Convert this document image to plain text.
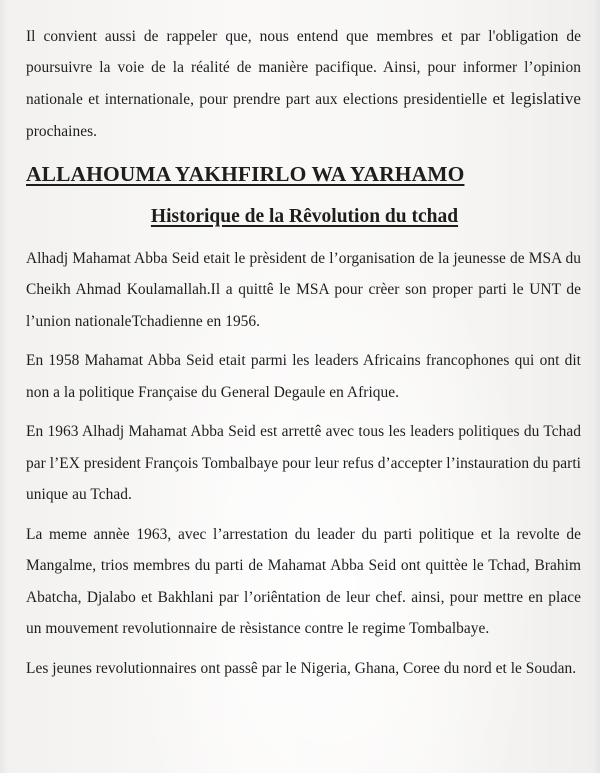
Il convient aussi de rappeler que, nous entend que membres et par l'obligation de poursuivre la voie de la réalité de manière pacifique. Ainsi, pour informer l’opinion nationale et internationale, pour prendre part aux elections presidentielle et legislative prochaines.

ALLAHOUMA YAKHFIRLO WA YARHAMO
Historique de la Rêvolution du tchad

Alhadj Mahamat Abba Seid etait le prèsident de l’organisation de la jeunesse de MSA du Cheikh Ahmad Koulamallah.Il a quittê le MSA pour crèer son proper parti le UNT de l’union nationaleTchadienne en 1956.

En 1958 Mahamat Abba Seid etait parmi les leaders Africains francophones qui ont dit non a la politique Française du General Degaule en Afrique.

En 1963 Alhadj Mahamat Abba Seid est arrettê avec tous les leaders politiques du Tchad par l’EX president François Tombalbaye pour leur refus d’accepter l’instauration du parti unique au Tchad.

La meme annèe 1963, avec l’arrestation du leader du parti politique et la revolte de Mangalme, trios membres du parti de Mahamat Abba Seid ont quittèe le Tchad, Brahim Abatcha, Djalabo et Bakhlani par l’oriêntation de leur chef. ainsi, pour mettre en place un mouvement revolutionnaire de rèsistance contre le regime Tombalbaye.

Les jeunes revolutionnaires ont passê par le Nigeria, Ghana, Coree du nord et le Soudan.
